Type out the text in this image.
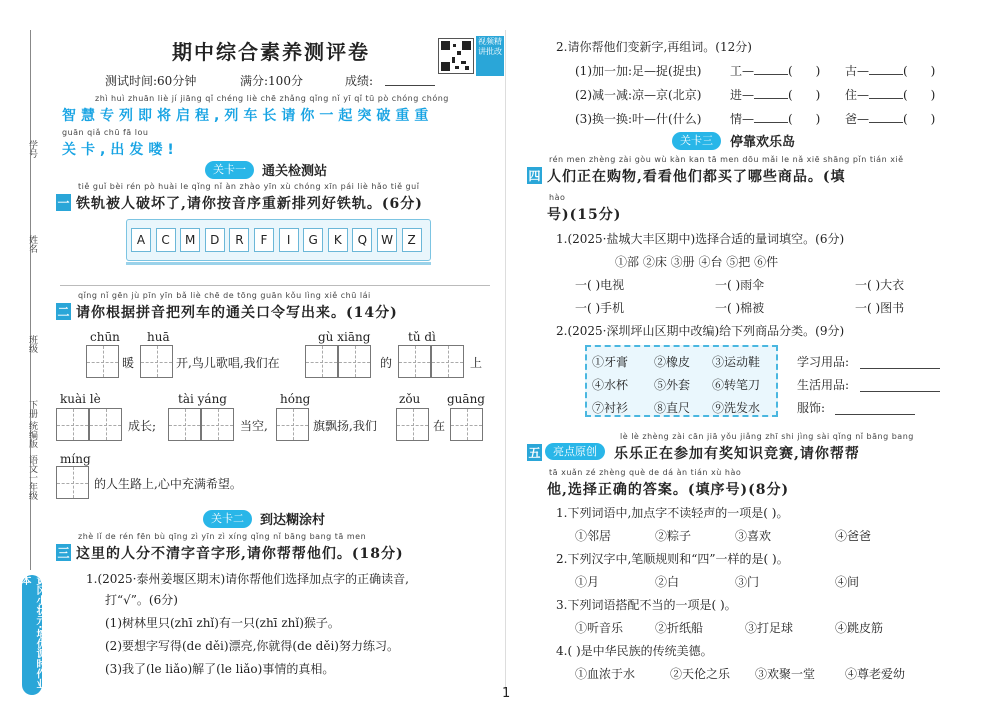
学号
姓名
班级
下册 统编版
语文一年级
黄冈小状元·培优课时作业本
期中综合素养测评卷	视频精讲批改
测试时间:60分钟	满分:100分	成绩:
zhì huì zhuān liè jí jiāng qǐ chéng liè chē zhǎng qǐng nǐ yī qǐ tū pò chóng chóng
智慧专列即将启程,列车长请你一起突破重重
guān qiǎ chū fā lou
关卡,出发喽!
关卡一	通关检测站
tiě guǐ bèi rén pò huài le qǐng nǐ àn zhào yīn xù chóng xīn pái liè hǎo tiě guǐ
一 铁轨被人破坏了,请你按音序重新排列好铁轨。(6分)
A	C	M	D	R	F	I	G	K	Q	W	Z
qǐng nǐ gēn jù pīn yīn bǎ liè chē de tōng guān kǒu lìng xiě chū lái
二 请你根据拼音把列车的通关口令写出来。(14分)
chūn huā	gù xiāng	tǔ dì
暖	开,鸟儿歌唱,我们在	的	上
kuài lè	tài yáng	hóng	zǒu guāng
成长;	当空,	旗飘扬,我们	在
míng
的人生路上,心中充满希望。
关卡二	到达糊涂村
zhè lǐ de rén fēn bù qīng zì yīn zì xíng qǐng nǐ bāng bang tā men
三 这里的人分不清字音字形,请你帮帮他们。(18分)
1.(2025·泰州姜堰区期末)请你帮他们选择加点字的正确读音,
打“√”。(6分)
(1)树林里只(zhī zhǐ)有一只(zhī zhǐ)猴子。
(2)要想字写得(de děi)漂亮,你就得(de děi)努力练习。
(3)我了(le liǎo)解了(le liǎo)事情的真相。
2.请你帮他们变新字,再组词。(12分)
(1)加一加:足—捉(捉虫) 工—	(      ) 古—	(      )
(2)减一减:凉—京(北京) 进—	(      ) 住—	(      )
(3)换一换:叶—什(什么) 情—	(      ) 爸—	(      )
关卡三	停靠欢乐岛
rén men zhèng zài gòu wù kàn kan tā men dōu mǎi le nǎ xiē shāng pǐn tián xiě
四 人们正在购物,看看他们都买了哪些商品。(填
hào
号)(15分)
1.(2025·盐城大丰区期中)选择合适的量词填空。(6分)
①部 ②床 ③册 ④台 ⑤把 ⑥件
一( )电视	一( )雨伞	一( )大衣
一( )手机	一( )棉被	一( )图书
2.(2025·深圳坪山区期中改编)给下列商品分类。(9分)
①牙膏 ②橡皮 ③运动鞋
④水杯 ⑤外套 ⑥转笔刀
⑦衬衫 ⑧直尺 ⑨洗发水
学习用品:
生活用品:
服饰:
lè lè zhèng zài cān jiā yǒu jiǎng zhī shi jìng sài qǐng nǐ bāng bang
五	亮点原创	乐乐正在参加有奖知识竞赛,请你帮帮
tā xuǎn zé zhèng què de dá àn tián xù hào
他,选择正确的答案。(填序号)(8分)
1.下列词语中,加点字不读轻声的一项是( )。
①邻居	②粽子	③喜欢	④爸爸
2.下列汉字中,笔顺规则和“四”一样的是( )。
①月	②白	③门	④间
3.下列词语搭配不当的一项是( )。
①听音乐	②折纸船	③打足球	④跳皮筋
4.( )是中华民族的传统美德。
①血浓于水	②天伦之乐 ③欢聚一堂 ④尊老爱幼
1
